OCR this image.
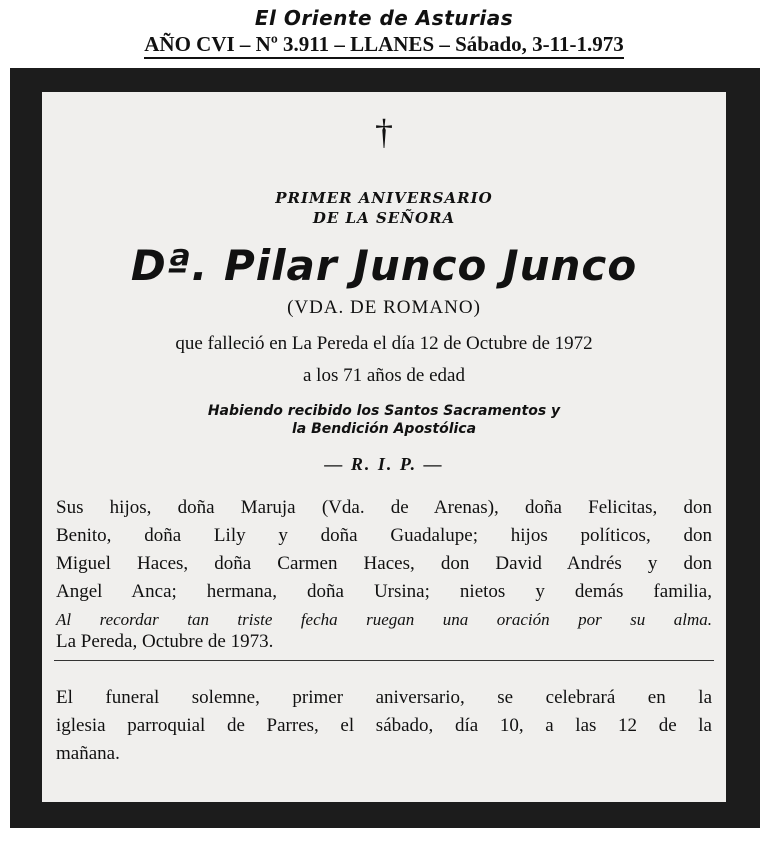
El Oriente de Asturias
AÑO CVI – Nº 3.911 – LLANES – Sábado, 3-11-1.973
†
PRIMER ANIVERSARIO
DE LA SEÑORA
Dª. Pilar Junco Junco
(VDA. DE ROMANO)
que falleció en La Pereda el día 12 de Octubre de 1972
a los 71 años de edad
Habiendo recibido los Santos Sacramentos y
la Bendición Apostólica
— R. I. P. —
Sus hijos, doña Maruja (Vda. de Arenas), doña Felicitas, don
Benito, doña Lily y doña Guadalupe; hijos políticos, don
Miguel Haces, doña Carmen Haces, don David Andrés y don
Angel Anca; hermana, doña Ursina; nietos y demás familia,
Al recordar tan triste fecha ruegan una oración por su alma.
La Pereda, Octubre de 1973.
El funeral solemne, primer aniversario, se celebrará en la
iglesia parroquial de Parres, el sábado, día 10, a las 12 de la
mañana.
